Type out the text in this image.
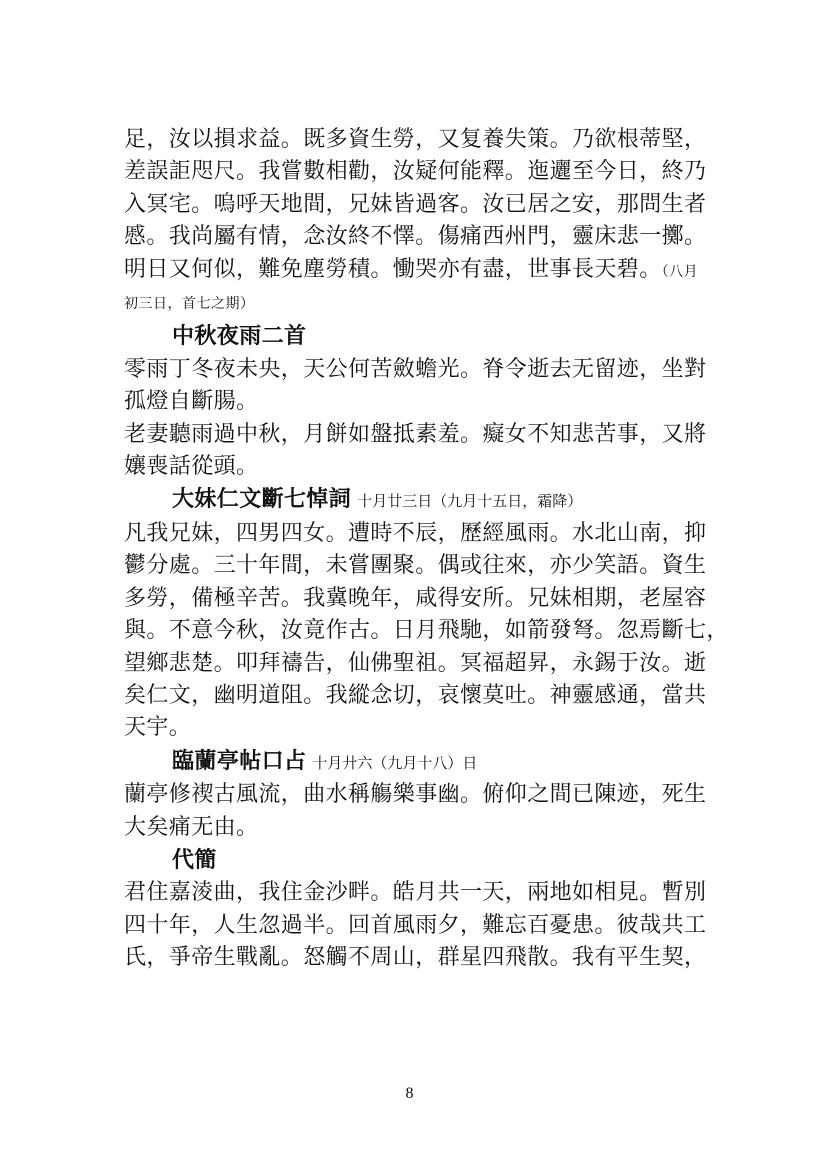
足，汝以損求益。既多資生勞，又复養失策。乃欲根蒂堅，
差誤詎咫尺。我嘗數相勸，汝疑何能釋。迤邐至今日，終乃
入冥宅。嗚呼天地間，兄妹皆過客。汝已居之安，那問生者
慼。我尚屬有情，念汝終不懌。傷痛西州門，靈床悲一擲。
明日又何似，難免塵勞積。慟哭亦有盡，世事長天碧。（八月
初三日，首七之期）
中秋夜雨二首
零雨丁冬夜未央，天公何苦斂蟾光。脊令逝去无留迹，坐對
孤燈自斷腸。
老妻聽雨過中秋，月餅如盤抵素羞。癡女不知悲苦事，又將
孃喪話從頭。
大妹仁文斷七悼詞 十月廿三日（九月十五日，霜降）
凡我兄妹，四男四女。遭時不辰，歷經風雨。水北山南，抑
鬱分處。三十年間，未嘗團聚。偶或往來，亦少笑語。資生
多勞，備極辛苦。我冀晚年，咸得安所。兄妹相期，老屋容
與。不意今秋，汝竟作古。日月飛馳，如箭發弩。忽焉斷七，
望鄉悲楚。叩拜禱告，仙佛聖祖。冥福超昇，永錫于汝。逝
矣仁文，幽明道阻。我縱念切，哀懷莫吐。神靈感通，當共
天宇。
臨蘭亭帖口占 十月廾六（九月十八）日
蘭亭修禊古風流，曲水稱觴樂事幽。俯仰之間已陳迹，死生
大矣痛无由。
代簡
君住嘉淩曲，我住金沙畔。皓月共一天，兩地如相見。暫別
四十年，人生忽過半。回首風雨夕，難忘百憂患。彼哉共工
氏，爭帝生戰亂。怒觸不周山，群星四飛散。我有平生契，
8
